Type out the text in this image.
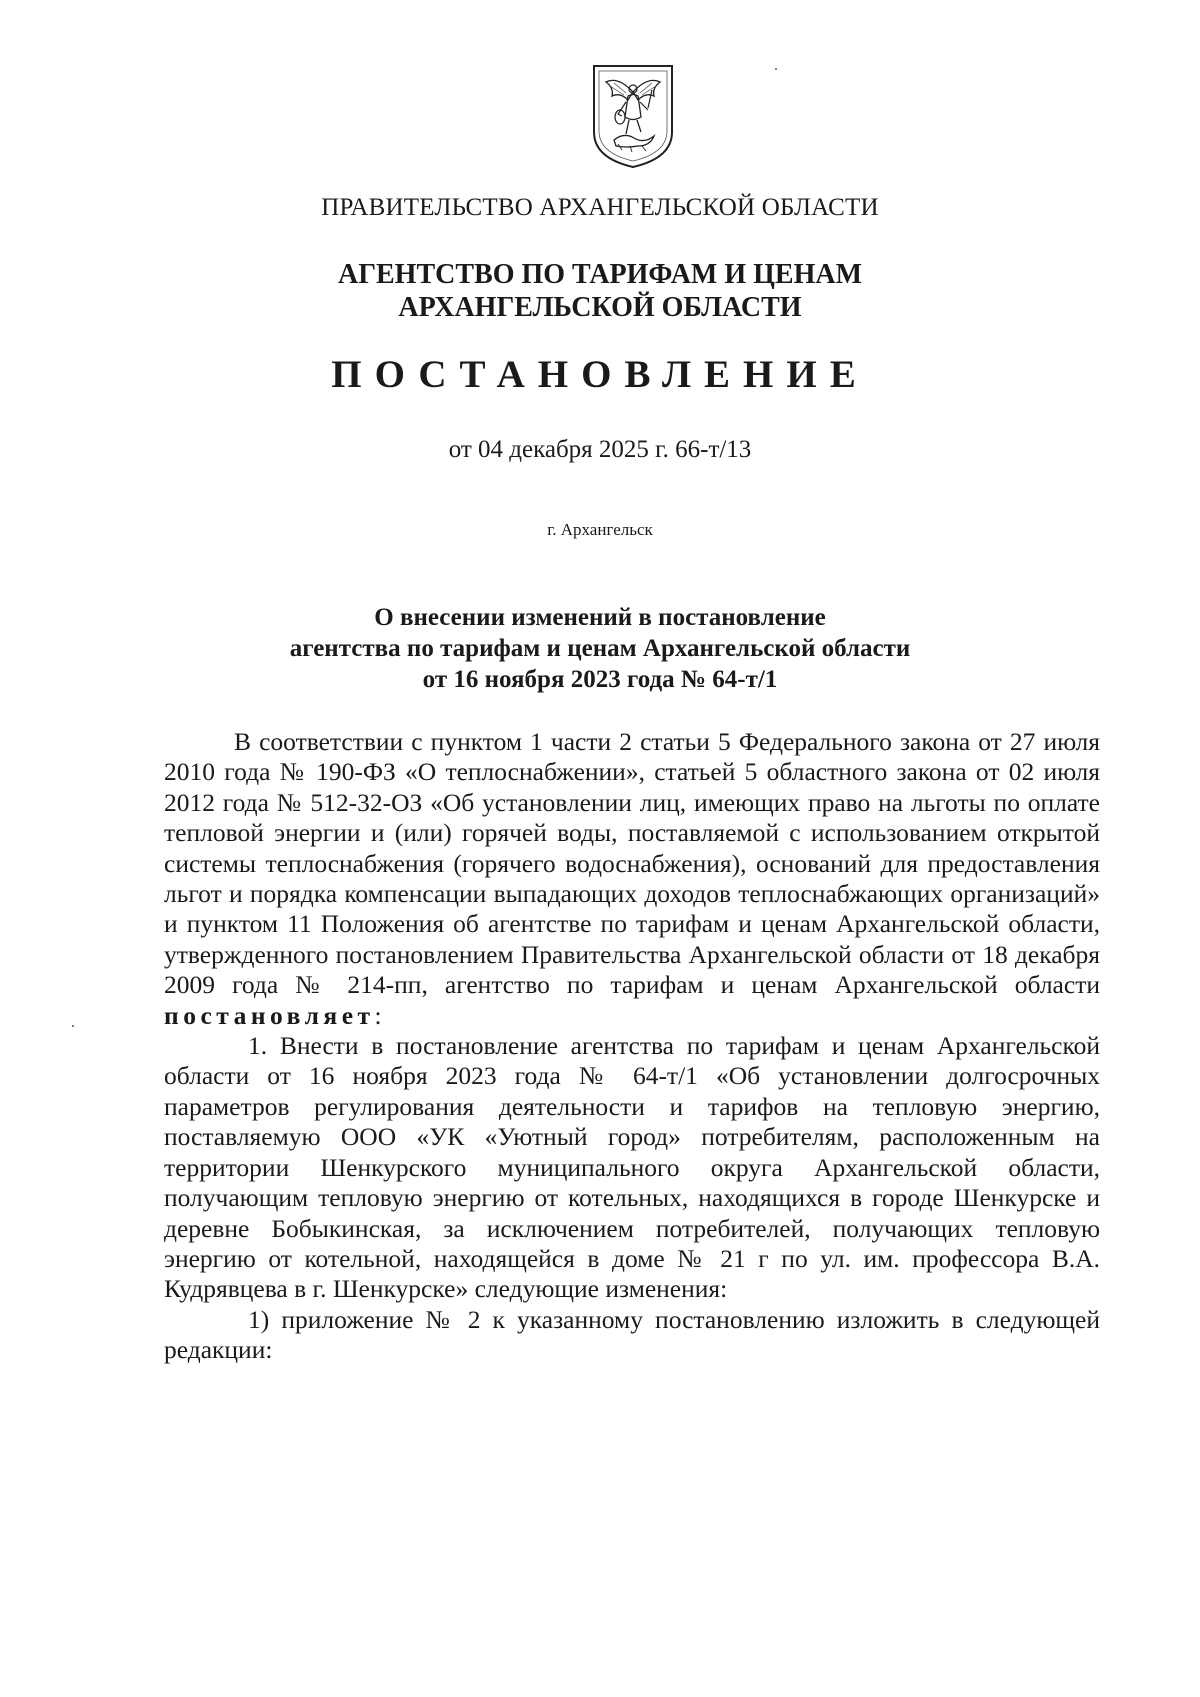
ПРАВИТЕЛЬСТВО АРХАНГЕЛЬСКОЙ ОБЛАСТИ
АГЕНТСТВО ПО ТАРИФАМ И ЦЕНАМ
АРХАНГЕЛЬСКОЙ ОБЛАСТИ
ПОСТАНОВЛЕНИЕ
от 04 декабря 2025 г. 66-т/13
г. Архангельск
О внесении изменений в постановление
агентства по тарифам и ценам Архангельской области
от 16 ноября 2023 года № 64-т/1

В соответствии с пунктом 1 части 2 статьи 5 Федерального закона от 27 июля 2010 года № 190-ФЗ «О теплоснабжении», статьей 5 областного закона от 02 июля 2012 года № 512-32-ОЗ «Об установлении лиц, имеющих право на льготы по оплате тепловой энергии и (или) горячей воды, поставляемой с использованием открытой системы теплоснабжения (горячего водоснабжения), оснований для предоставления льгот и порядка компенсации выпадающих доходов теплоснабжающих организаций» и пунктом 11 Положения об агентстве по тарифам и ценам Архангельской области, утвержденного постановлением Правительства Архангельской области от 18 декабря 2009 года № 214-пп, агентство по тарифам и ценам Архангельской области постановляет:

1. Внести в постановление агентства по тарифам и ценам Архангельской области от 16 ноября 2023 года № 64-т/1 «Об установлении долгосрочных параметров регулирования деятельности и тарифов на тепловую энергию, поставляемую ООО «УК «Уютный город» потребителям, расположенным на территории Шенкурского муниципального округа Архангельской области, получающим тепловую энергию от котельных, находящихся в городе Шенкурске и деревне Бобыкинская, за исключением потребителей, получающих тепловую энергию от котельной, находящейся в доме № 21 г по ул. им. профессора В.А. Кудрявцева в г. Шенкурске» следующие изменения:

1) приложение № 2 к указанному постановлению изложить в следующей редакции:
